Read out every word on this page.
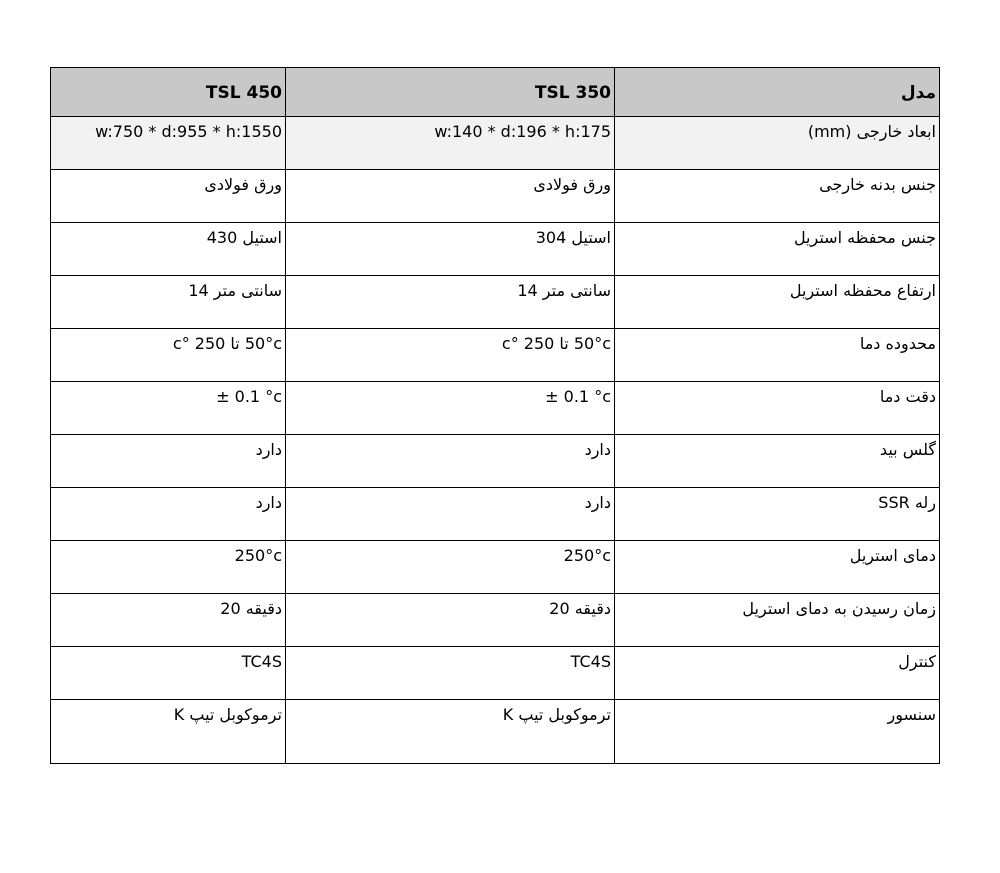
مدل	TSL 350	TSL 450
ابعاد خارجی (mm)	w:140 * d:196 * h:175	w:750 * d:955 * h:1550
جنس بدنه خارجی	ورق فولادی	ورق فولادی
جنس محفظه استریل	استیل 304	استیل 430
ارتفاع محفظه استریل	سانتی متر 14	سانتی متر 14
محدوده دما	50°c تا 250 °c	50°c تا 250 °c
دقت دما	± 0.1 °c	± 0.1 °c
گلس بید	دارد	دارد
رله SSR	دارد	دارد
دمای استریل	250°c	250°c
زمان رسیدن به دمای استریل	دقیقه 20	دقیقه 20
کنترل	TC4S	TC4S
سنسور	ترموکوبل تیپ K	ترموکوبل تیپ K
